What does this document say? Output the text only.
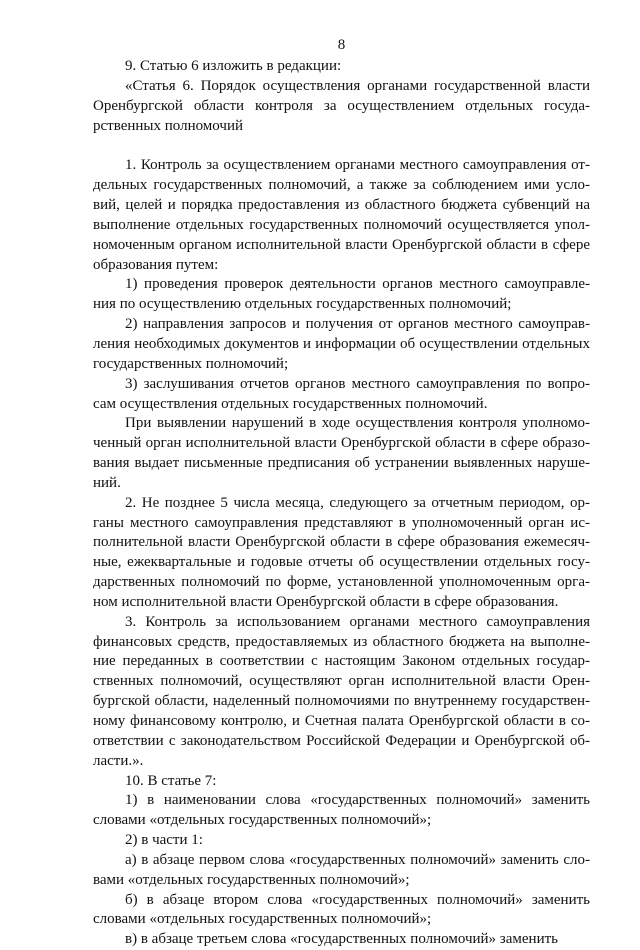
8

9. Статью 6 изложить в редакции:

«Статья 6. Порядок осуществления органами государственной власти Оренбургской области контроля за осуществлением отдельных государственных полномочий

1. Контроль за осуществлением органами местного самоуправления отдельных государственных полномочий, а также за соблюдением ими условий, целей и порядка предоставления из областного бюджета субвенций на выполнение отдельных государственных полномочий осуществляется уполномоченным органом исполнительной власти Оренбургской области в сфере образования путем:

1) проведения проверок деятельности органов местного самоуправления по осуществлению отдельных государственных полномочий;

2) направления запросов и получения от органов местного самоуправления необходимых документов и информации об осуществлении отдельных государственных полномочий;

3) заслушивания отчетов органов местного самоуправления по вопросам осуществления отдельных государственных полномочий.

При выявлении нарушений в ходе осуществления контроля уполномоченный орган исполнительной власти Оренбургской области в сфере образования выдает письменные предписания об устранении выявленных нарушений.

2. Не позднее 5 числа месяца, следующего за отчетным периодом, органы местного самоуправления представляют в уполномоченный орган исполнительной власти Оренбургской области в сфере образования ежемесячные, ежеквартальные и годовые отчеты об осуществлении отдельных государственных полномочий по форме, установленной уполномоченным органом исполнительной власти Оренбургской области в сфере образования.

3. Контроль за использованием органами местного самоуправления финансовых средств, предоставляемых из областного бюджета на выполнение переданных в соответствии с настоящим Законом отдельных государственных полномочий, осуществляют орган исполнительной власти Оренбургской области, наделенный полномочиями по внутреннему государственному финансовому контролю, и Счетная палата Оренбургской области в соответствии с законодательством Российской Федерации и Оренбургской области.».

10. В статье 7:

1) в наименовании слова «государственных полномочий» заменить словами «отдельных государственных полномочий»;

2) в части 1:

а) в абзаце первом слова «государственных полномочий» заменить словами «отдельных государственных полномочий»;

б) в абзаце втором слова «государственных полномочий» заменить словами «отдельных государственных полномочий»;

в) в абзаце третьем слова «государственных полномочий» заменить
